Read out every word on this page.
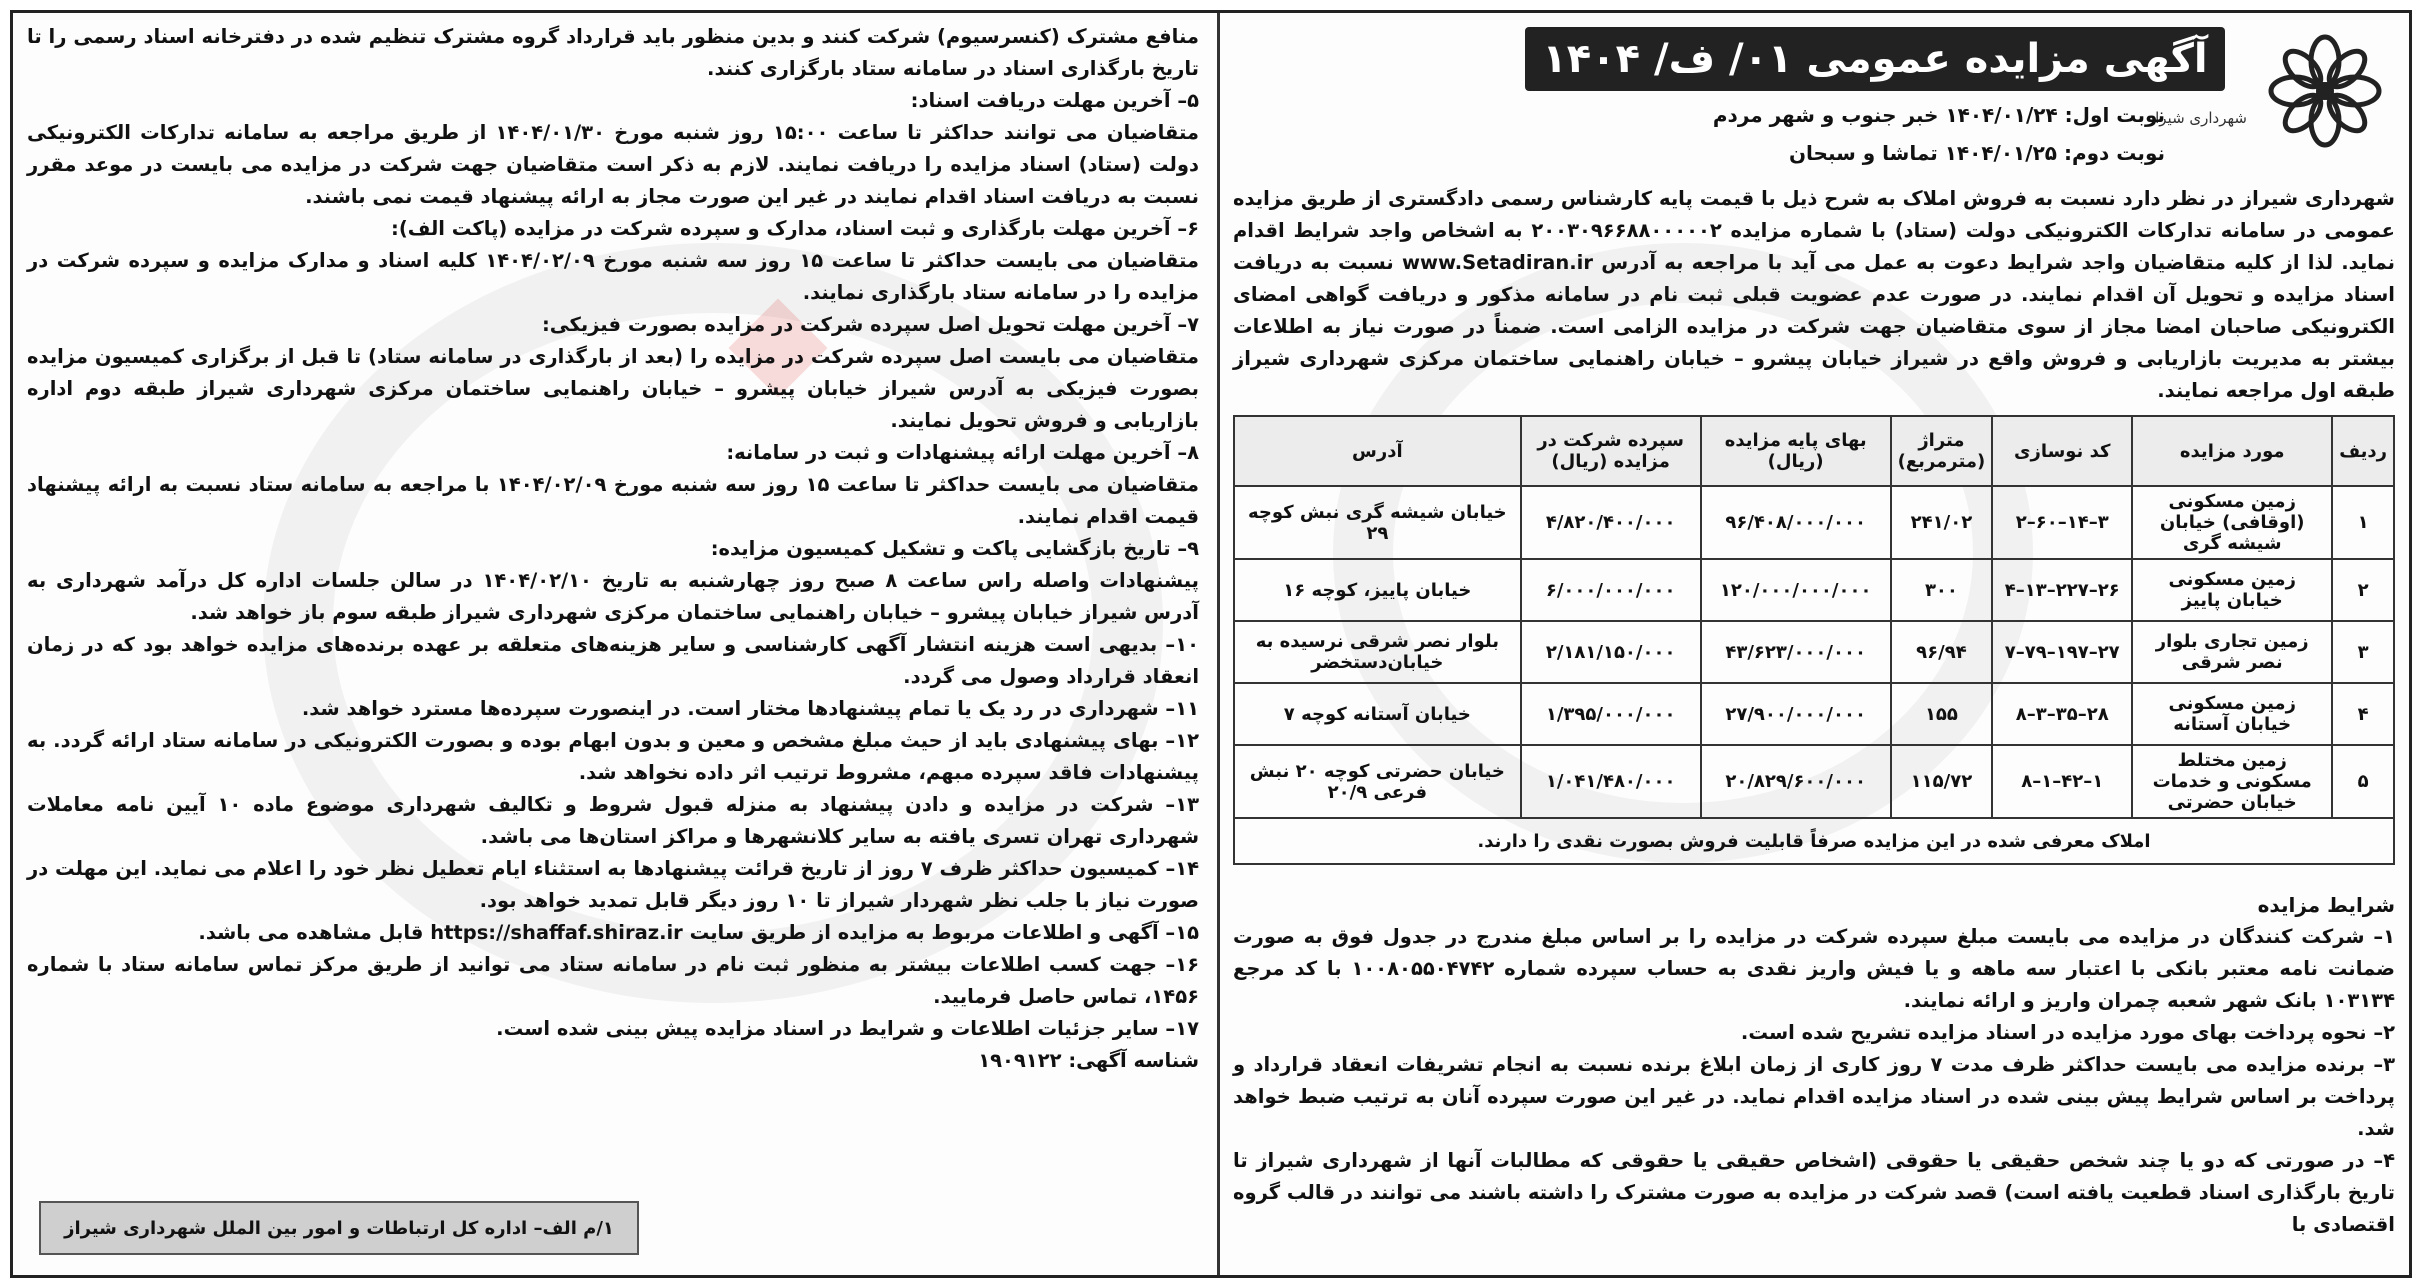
شهرداری شیراز
آگهی مزایده عمومی ۰۱/ ف/ ۱۴۰۴
نوبت اول: ۱۴۰۴/۰۱/۲۴ خبر جنوب و شهر مردم
نوبت دوم: ۱۴۰۴/۰۱/۲۵ تماشا و سبحان

شهرداری شیراز در نظر دارد نسبت به فروش املاک به شرح ذیل با قیمت پایه کارشناس رسمی دادگستری از طریق مزایده عمومی در سامانه تدارکات الکترونیکی دولت (ستاد) با شماره مزایده ۲۰۰۳۰۹۶۶۸۸۰۰۰۰۰۲ به اشخاص واجد شرایط اقدام نماید. لذا از کلیه متقاضیان واجد شرایط دعوت به عمل می آید با مراجعه به آدرس www.Setadiran.ir نسبت به دریافت اسناد مزایده و تحویل آن اقدام نمایند. در صورت عدم عضویت قبلی ثبت نام در سامانه مذکور و دریافت گواهی امضای الکترونیکی صاحبان امضا مجاز از سوی متقاضیان جهت شرکت در مزایده الزامی است. ضمناً در صورت نیاز به اطلاعات بیشتر به مدیریت بازاریابی و فروش واقع در شیراز خیابان پیشرو – خیابان راهنمایی ساختمان مرکزی شهرداری شیراز طبقه اول مراجعه نمایند.

ردیف	مورد مزایده	کد نوسازی	متراژ (مترمربع)	بهای پایه مزایده (ریال)	سپرده شرکت در مزایده (ریال)	آدرس
۱	زمین مسکونی (اوقافی) خیابان شیشه گری	۳–۱۴–۶۰–۲	۲۴۱/۰۲	۹۶/۴۰۸/۰۰۰/۰۰۰	۴/۸۲۰/۴۰۰/۰۰۰	خیابان شیشه گری نبش کوچه ۲۹
۲	زمین مسکونی خیابان پاییز	۲۶–۲۲۷–۱۳–۴	۳۰۰	۱۲۰/۰۰۰/۰۰۰/۰۰۰	۶/۰۰۰/۰۰۰/۰۰۰	خیابان پاییز، کوچه ۱۶
۳	زمین تجاری بلوار نصر شرقی	۲۷–۱۹۷–۷۹–۷	۹۶/۹۴	۴۳/۶۲۳/۰۰۰/۰۰۰	۲/۱۸۱/۱۵۰/۰۰۰	بلوار نصر شرقی نرسیده به خیابان‌دستخضر
۴	زمین مسکونی خیابان آستانه	۲۸–۳۵–۳–۸	۱۵۵	۲۷/۹۰۰/۰۰۰/۰۰۰	۱/۳۹۵/۰۰۰/۰۰۰	خیابان آستانه کوچه ۷
۵	زمین مختلط مسکونی و خدمات خیابان حضرتی	۱–۴۲–۱–۸	۱۱۵/۷۲	۲۰/۸۲۹/۶۰۰/۰۰۰	۱/۰۴۱/۴۸۰/۰۰۰	خیابان حضرتی کوچه ۲۰ نبش فرعی ۲۰/۹
املاک معرفی شده در این مزایده صرفاً قابلیت فروش بصورت نقدی را دارند.						
شرایط مزایده

۱– شرکت کنندگان در مزایده می بایست مبلغ سپرده شرکت در مزایده را بر اساس مبلغ مندرج در جدول فوق به صورت ضمانت نامه معتبر بانکی با اعتبار سه ماهه و یا فیش واریز نقدی به حساب سپرده شماره ۱۰۰۸۰۵۵۰۴۷۴۲ با کد مرجع ۱۰۳۱۳۴ بانک شهر شعبه چمران واریز و ارائه نمایند.

۲– نحوه پرداخت بهای مورد مزایده در اسناد مزایده تشریح شده است.

۳– برنده مزایده می بایست حداکثر ظرف مدت ۷ روز کاری از زمان ابلاغ برنده نسبت به انجام تشریفات انعقاد قرارداد و پرداخت بر اساس شرایط پیش بینی شده در اسناد مزایده اقدام نماید. در غیر این صورت سپرده آنان به ترتیب ضبط خواهد شد.

۴– در صورتی که دو یا چند شخص حقیقی یا حقوقی (اشخاص حقیقی یا حقوقی که مطالبات آنها از شهرداری شیراز تا تاریخ بارگذاری اسناد قطعیت یافته است) قصد شرکت در مزایده به صورت مشترک را داشته باشند می توانند در قالب گروه اقتصادی با

منافع مشترک (کنسرسیوم) شرکت کنند و بدین منظور باید قرارداد گروه مشترک تنظیم شده در دفترخانه اسناد رسمی را تا تاریخ بارگذاری اسناد در سامانه ستاد بارگزاری کنند.

۵– آخرین مهلت دریافت اسناد:

متقاضیان می توانند حداکثر تا ساعت ۱۵:۰۰ روز شنبه مورخ ۱۴۰۴/۰۱/۳۰ از طریق مراجعه به سامانه تدارکات الکترونیکی دولت (ستاد) اسناد مزایده را دریافت نمایند. لازم به ذکر است متقاضیان جهت شرکت در مزایده می بایست در موعد مقرر نسبت به دریافت اسناد اقدام نمایند در غیر این صورت مجاز به ارائه پیشنهاد قیمت نمی باشند.

۶– آخرین مهلت بارگذاری و ثبت اسناد، مدارک و سپرده شرکت در مزایده (پاکت الف):

متقاضیان می بایست حداکثر تا ساعت ۱۵ روز سه شنبه مورخ ۱۴۰۴/۰۲/۰۹ کلیه اسناد و مدارک مزایده و سپرده شرکت در مزایده را در سامانه ستاد بارگذاری نمایند.

۷– آخرین مهلت تحویل اصل سپرده شرکت در مزایده بصورت فیزیکی:

متقاضیان می بایست اصل سپرده شرکت در مزایده را (بعد از بارگذاری در سامانه ستاد) تا قبل از برگزاری کمیسیون مزایده بصورت فیزیکی به آدرس شیراز خیابان پیشرو – خیابان راهنمایی ساختمان مرکزی شهرداری شیراز طبقه دوم اداره بازاریابی و فروش تحویل نمایند.

۸– آخرین مهلت ارائه پیشنهادات و ثبت در سامانه:

متقاضیان می بایست حداکثر تا ساعت ۱۵ روز سه شنبه مورخ ۱۴۰۴/۰۲/۰۹ با مراجعه به سامانه ستاد نسبت به ارائه پیشنهاد قیمت اقدام نمایند.

۹– تاریخ بازگشایی پاکت و تشکیل کمیسیون مزایده:

پیشنهادات واصله راس ساعت ۸ صبح روز چهارشنبه به تاریخ ۱۴۰۴/۰۲/۱۰ در سالن جلسات اداره کل درآمد شهرداری به آدرس شیراز خیابان پیشرو – خیابان راهنمایی ساختمان مرکزی شهرداری شیراز طبقه سوم باز خواهد شد.

۱۰– بدیهی است هزینه انتشار آگهی کارشناسی و سایر هزینه‌های متعلقه بر عهده برنده‌های مزایده خواهد بود که در زمان انعقاد قرارداد وصول می گردد.

۱۱– شهرداری در رد یک یا تمام پیشنهادها مختار است. در اینصورت سپرده‌ها مسترد خواهد شد.

۱۲– بهای پیشنهادی باید از حیث مبلغ مشخص و معین و بدون ابهام بوده و بصورت الکترونیکی در سامانه ستاد ارائه گردد. به پیشنهادات فاقد سپرده مبهم، مشروط ترتیب اثر داده نخواهد شد.

۱۳– شرکت در مزایده و دادن پیشنهاد به منزله قبول شروط و تکالیف شهرداری موضوع ماده ۱۰ آیین نامه معاملات شهرداری تهران تسری یافته به سایر کلانشهرها و مراکز استان‌ها می باشد.

۱۴– کمیسیون حداکثر ظرف ۷ روز از تاریخ قرائت پیشنهادها به استثناء ایام تعطیل نظر خود را اعلام می نماید. این مهلت در صورت نیاز با جلب نظر شهردار شیراز تا ۱۰ روز دیگر قابل تمدید خواهد بود.

۱۵– آگهی و اطلاعات مربوط به مزایده از طریق سایت https://shaffaf.shiraz.ir قابل مشاهده می باشد.

۱۶– جهت کسب اطلاعات بیشتر به منظور ثبت نام در سامانه ستاد می توانید از طریق مرکز تماس سامانه ستاد با شماره ۱۴۵۶، تماس حاصل فرمایید.

۱۷– سایر جزئیات اطلاعات و شرایط در اسناد مزایده پیش بینی شده است.

شناسه آگهی: ۱۹۰۹۱۲۲

۱/م الف– اداره کل ارتباطات و امور بین الملل شهرداری شیراز
